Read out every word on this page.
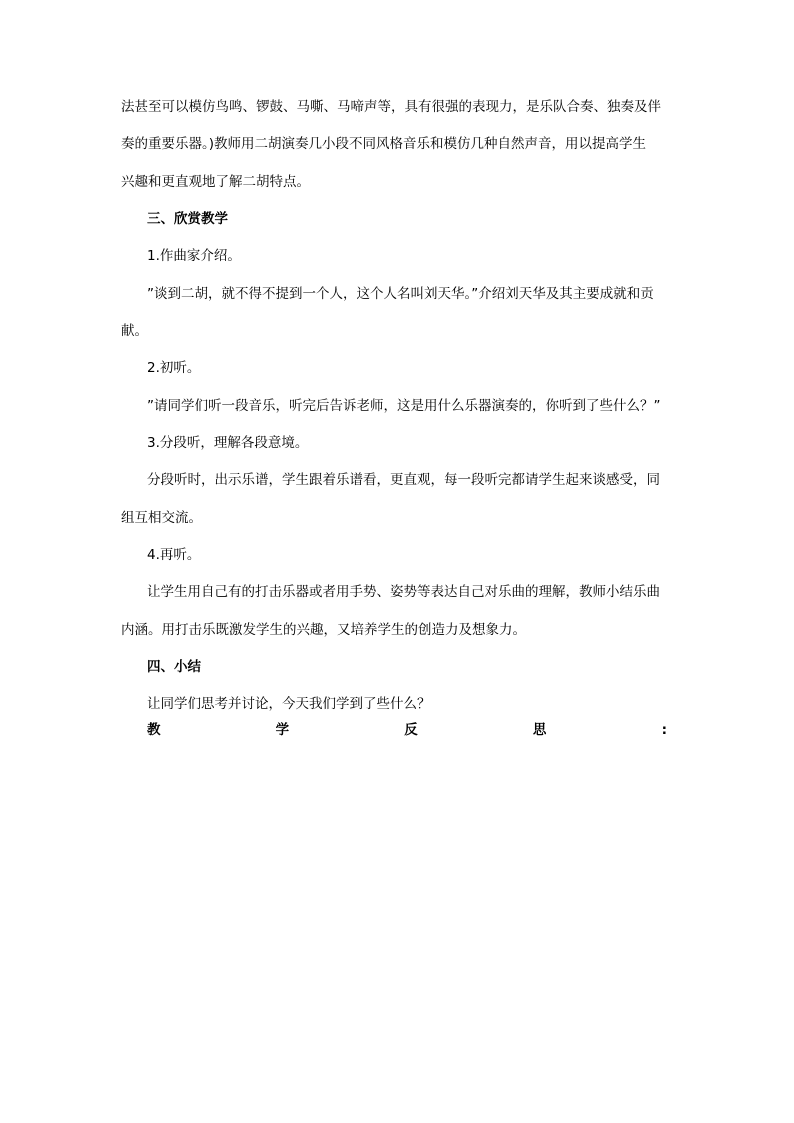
法甚至可以模仿鸟鸣、锣鼓、马嘶、马啼声等，具有很强的表现力，是乐队合奏、独奏及伴
奏的重要乐器。)教师用二胡演奏几小段不同风格音乐和模仿几种自然声音，用以提高学生
兴趣和更直观地了解二胡特点。
三、欣赏教学
1.作曲家介绍。
”谈到二胡，就不得不提到一个人，这个人名叫刘天华。”介绍刘天华及其主要成就和贡
献。
2.初听。
”请同学们听一段音乐，听完后告诉老师，这是用什么乐器演奏的，你听到了些什么？”
3.分段听，理解各段意境。
分段听时，出示乐谱，学生跟着乐谱看，更直观，每一段听完都请学生起来谈感受，同
组互相交流。
4.再听。
让学生用自己有的打击乐器或者用手势、姿势等表达自己对乐曲的理解，教师小结乐曲
内涵。用打击乐既激发学生的兴趣，又培养学生的创造力及想象力。
四、小结
让同学们思考并讨论，今天我们学到了些什么？
教	学	反	思	:
